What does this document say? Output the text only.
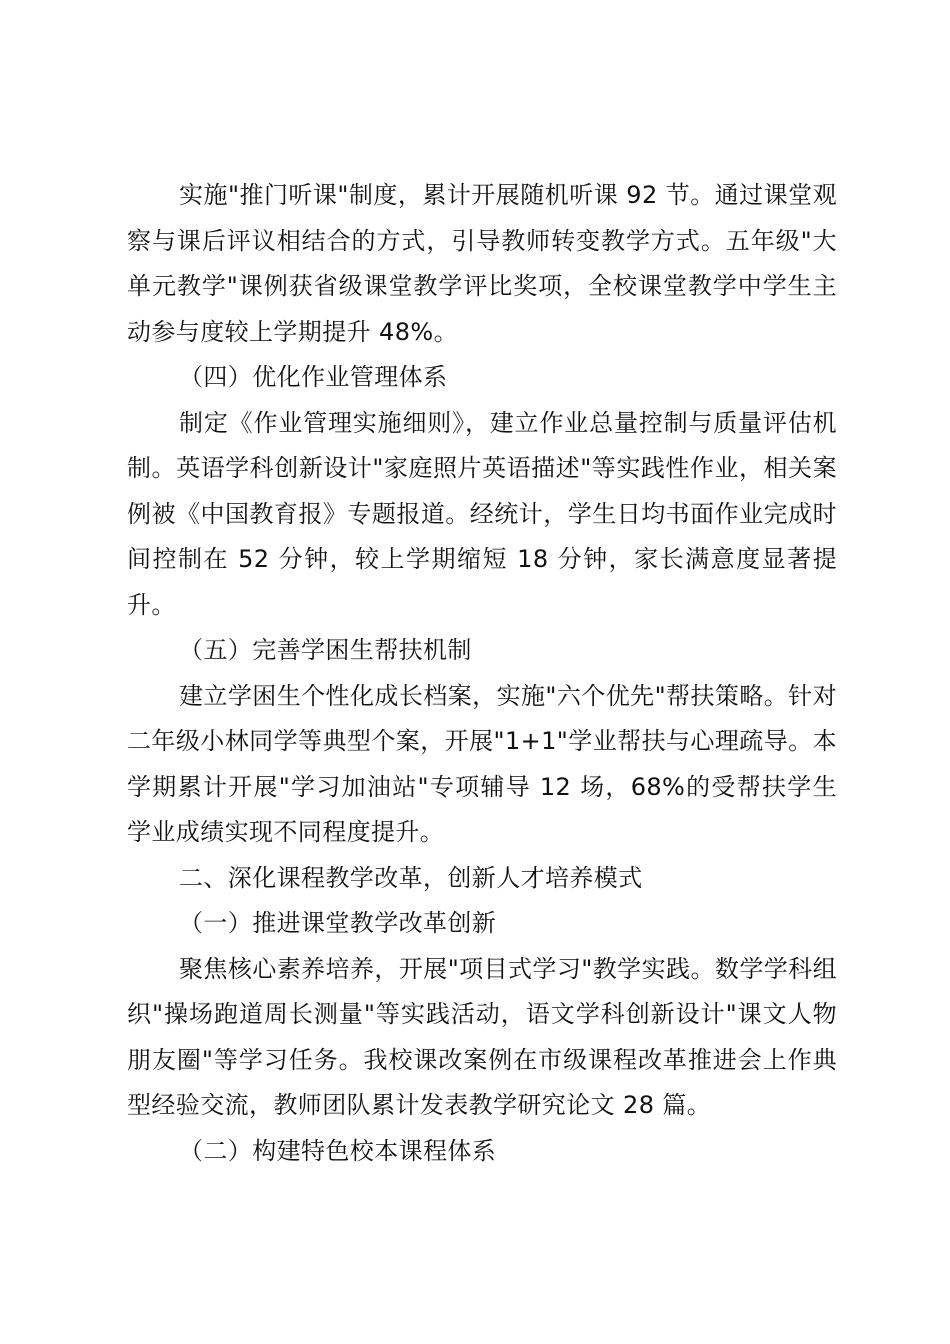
实施"推门听课"制度，累计开展随机听课 92 节。通过课堂观察与课后评议相结合的方式，引导教师转变教学方式。五年级"大单元教学"课例获省级课堂教学评比奖项，全校课堂教学中学生主动参与度较上学期提升 48%。

（四）优化作业管理体系

制定《作业管理实施细则》，建立作业总量控制与质量评估机制。英语学科创新设计"家庭照片英语描述"等实践性作业，相关案例被《中国教育报》专题报道。经统计，学生日均书面作业完成时间控制在 52 分钟，较上学期缩短 18 分钟，家长满意度显著提升。

（五）完善学困生帮扶机制

建立学困生个性化成长档案，实施"六个优先"帮扶策略。针对二年级小林同学等典型个案，开展"1+1"学业帮扶与心理疏导。本学期累计开展"学习加油站"专项辅导 12 场，68%的受帮扶学生学业成绩实现不同程度提升。

二、深化课程教学改革，创新人才培养模式

（一）推进课堂教学改革创新

聚焦核心素养培养，开展"项目式学习"教学实践。数学学科组织"操场跑道周长测量"等实践活动，语文学科创新设计"课文人物朋友圈"等学习任务。我校课改案例在市级课程改革推进会上作典型经验交流，教师团队累计发表教学研究论文 28 篇。

（二）构建特色校本课程体系
